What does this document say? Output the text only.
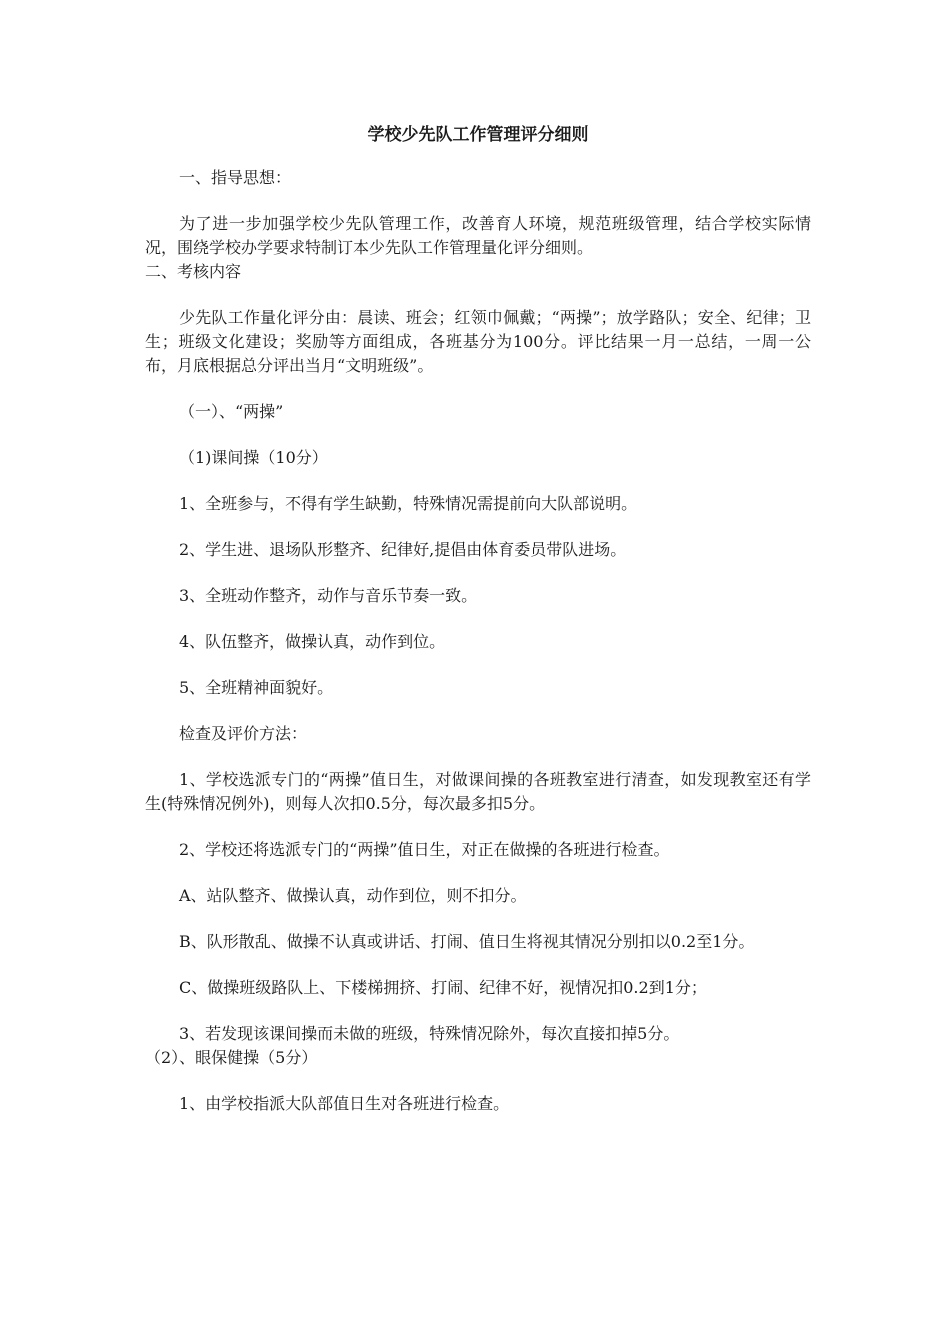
学校少先队工作管理评分细则

一、指导思想：

为了进一步加强学校少先队管理工作，改善育人环境，规范班级管理，结合学校实际情况，围绕学校办学要求特制订本少先队工作管理量化评分细则。

二、考核内容

少先队工作量化评分由：晨读、班会；红领巾佩戴；“两操”；放学路队；安全、纪律；卫生；班级文化建设；奖励等方面组成，各班基分为100分。评比结果一月一总结，一周一公布，月底根据总分评出当月“文明班级”。

（一）、“两操”

（1)课间操（10分）

1、全班参与，不得有学生缺勤，特殊情况需提前向大队部说明。

2、学生进、退场队形整齐、纪律好,提倡由体育委员带队进场。

3、全班动作整齐，动作与音乐节奏一致。

4、队伍整齐，做操认真，动作到位。

5、全班精神面貌好。

检查及评价方法：

1、学校选派专门的“两操”值日生，对做课间操的各班教室进行清查，如发现教室还有学生(特殊情况例外)，则每人次扣0.5分，每次最多扣5分。

2、学校还将选派专门的“两操”值日生，对正在做操的各班进行检查。

A、站队整齐、做操认真，动作到位，则不扣分。

B、队形散乱、做操不认真或讲话、打闹、值日生将视其情况分别扣以0.2至1分。

C、做操班级路队上、下楼梯拥挤、打闹、纪律不好，视情况扣0.2到1分；

3、若发现该课间操而未做的班级，特殊情况除外，每次直接扣掉5分。

（2）、眼保健操（5分）

1、由学校指派大队部值日生对各班进行检查。
